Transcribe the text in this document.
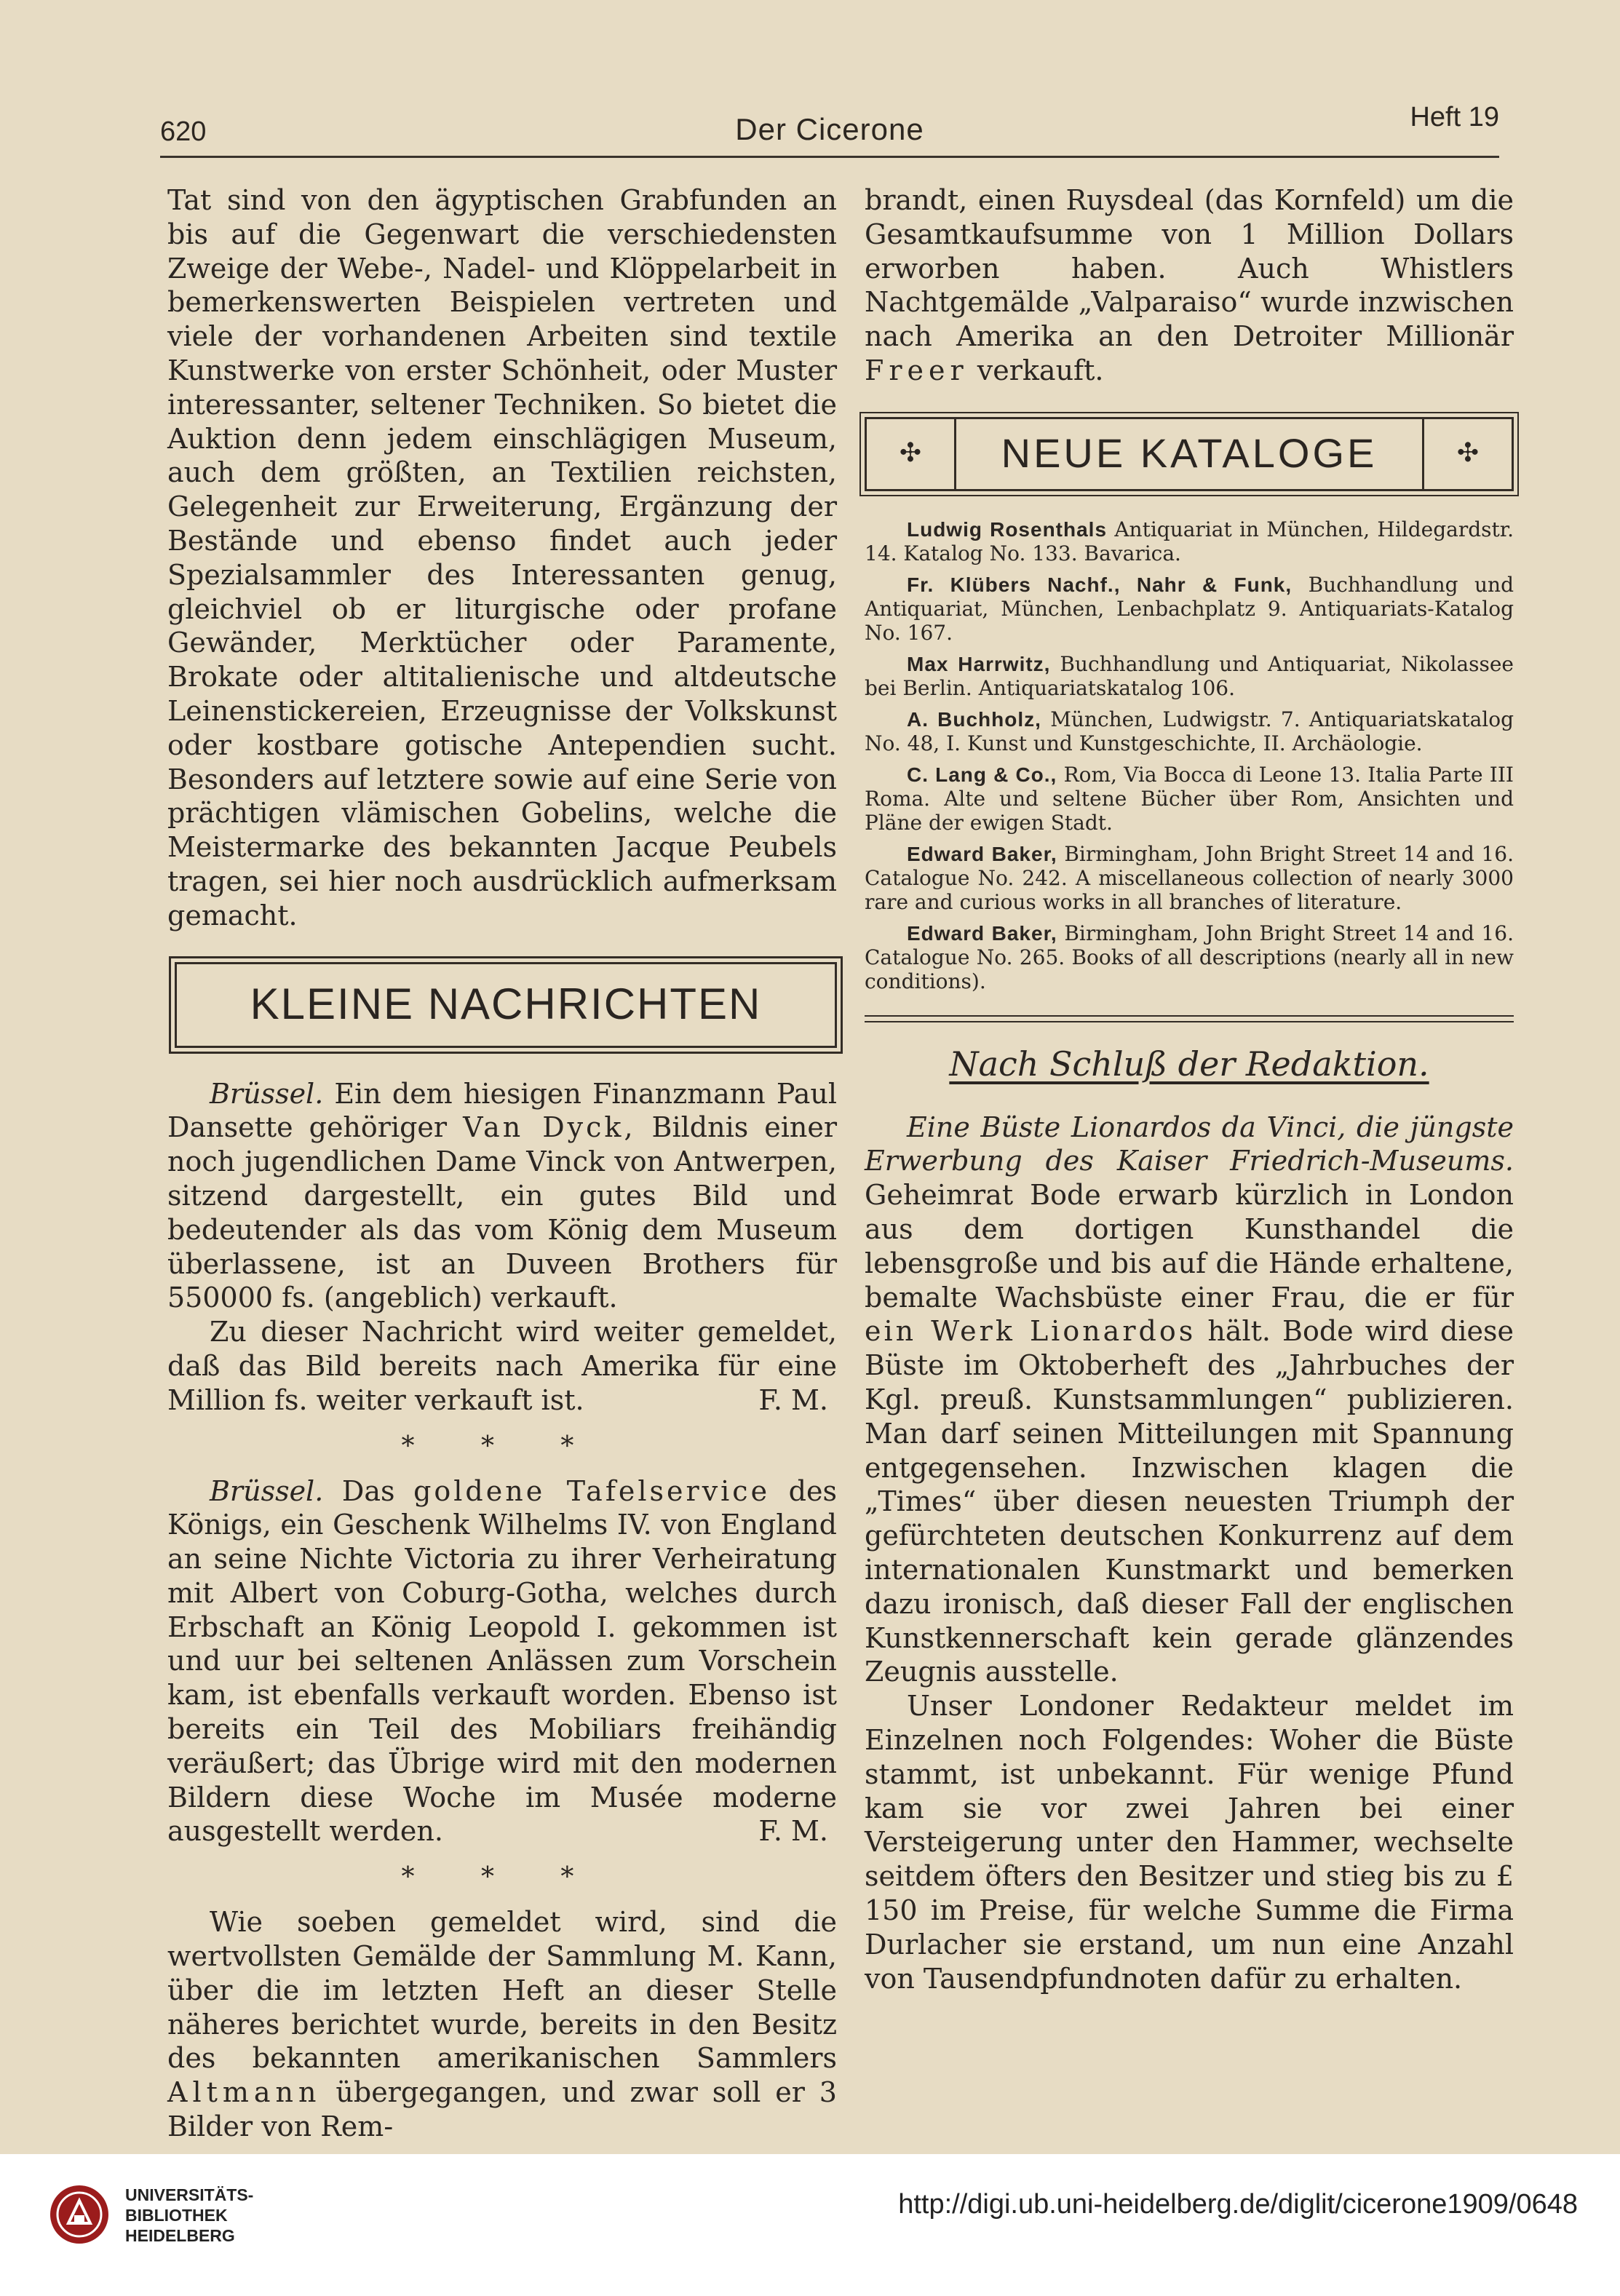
620	Der Cicerone	Heft 19

Tat sind von den ägyptischen Grabfunden an bis auf die Gegenwart die verschiedensten Zweige der Webe-, Nadel- und Klöppelarbeit in bemerkenswerten Beispielen vertreten und viele der vorhandenen Arbeiten sind textile Kunstwerke von erster Schönheit, oder Muster interessanter, seltener Techniken. So bietet die Auktion denn jedem einschlägigen Museum, auch dem größten, an Textilien reichsten, Gelegenheit zur Erweiterung, Ergänzung der Bestände und ebenso findet auch jeder Spezialsammler des Interessanten genug, gleichviel ob er liturgische oder profane Gewänder, Merktücher oder Paramente, Brokate oder altitalienische und altdeutsche Leinenstickereien, Erzeugnisse der Volkskunst oder kostbare gotische Antependien sucht. Besonders auf letztere sowie auf eine Serie von prächtigen vlämischen Gobelins, welche die Meistermarke des bekannten Jacque Peubels tragen, sei hier noch ausdrücklich aufmerksam gemacht.

KLEINE NACHRICHTEN

Brüssel. Ein dem hiesigen Finanzmann Paul Dansette gehöriger Van Dyck, Bildnis einer noch jugendlichen Dame Vinck von Antwerpen, sitzend dargestellt, ein gutes Bild und bedeutender als das vom König dem Museum überlassene, ist an Duveen Brothers für 550000 fs. (angeblich) verkauft.

Zu dieser Nachricht wird weiter gemeldet, daß das Bild bereits nach Amerika für eine Million fs. weiter verkauft ist.	F. M.

* * *

Brüssel. Das goldene Tafelservice des Königs, ein Geschenk Wilhelms IV. von England an seine Nichte Victoria zu ihrer Verheiratung mit Albert von Coburg-Gotha, welches durch Erbschaft an König Leopold I. gekommen ist und uur bei seltenen Anlässen zum Vorschein kam, ist ebenfalls verkauft worden. Ebenso ist bereits ein Teil des Mobiliars freihändig veräußert; das Übrige wird mit den modernen Bildern diese Woche im Musée moderne ausgestellt werden.	F. M.

* * *

Wie soeben gemeldet wird, sind die wertvollsten Gemälde der Sammlung M. Kann, über die im letzten Heft an dieser Stelle näheres berichtet wurde, bereits in den Besitz des bekannten amerikanischen Sammlers Altmann übergegangen, und zwar soll er 3 Bilder von Rem-

brandt, einen Ruysdeal (das Kornfeld) um die Gesamtkaufsumme von 1 Million Dollars erworben haben. Auch Whistlers Nachtgemälde „Valparaiso“ wurde inzwischen nach Amerika an den Detroiter Millionär Freer verkauft.

✣	NEUE KATALOGE	✣

Ludwig Rosenthals Antiquariat in München, Hildegardstr. 14. Katalog No. 133. Bavarica.

Fr. Klübers Nachf., Nahr & Funk, Buchhandlung und Antiquariat, München, Lenbachplatz 9. Antiquariats-Katalog No. 167.

Max Harrwitz, Buchhandlung und Antiquariat, Nikolassee bei Berlin. Antiquariatskatalog 106.

A. Buchholz, München, Ludwigstr. 7. Antiquariatskatalog No. 48, I. Kunst und Kunstgeschichte, II. Archäologie.

C. Lang & Co., Rom, Via Bocca di Leone 13. Italia Parte III Roma. Alte und seltene Bücher über Rom, Ansichten und Pläne der ewigen Stadt.

Edward Baker, Birmingham, John Bright Street 14 and 16. Catalogue No. 242. A miscellaneous collection of nearly 3000 rare and curious works in all branches of literature.

Edward Baker, Birmingham, John Bright Street 14 and 16. Catalogue No. 265. Books of all descriptions (nearly all in new conditions).

Nach Schluß der Redaktion.

Eine Büste Lionardos da Vinci, die jüngste Erwerbung des Kaiser Friedrich-Museums. Geheimrat Bode erwarb kürzlich in London aus dem dortigen Kunsthandel die lebensgroße und bis auf die Hände erhaltene, bemalte Wachsbüste einer Frau, die er für ein Werk Lionardos hält. Bode wird diese Büste im Oktoberheft des „Jahrbuches der Kgl. preuß. Kunstsammlungen“ publizieren. Man darf seinen Mitteilungen mit Spannung entgegensehen. Inzwischen klagen die „Times“ über diesen neuesten Triumph der gefürchteten deutschen Konkurrenz auf dem internationalen Kunstmarkt und bemerken dazu ironisch, daß dieser Fall der englischen Kunstkennerschaft kein gerade glänzendes Zeugnis ausstelle.

Unser Londoner Redakteur meldet im Einzelnen noch Folgendes: Woher die Büste stammt, ist unbekannt. Für wenige Pfund kam sie vor zwei Jahren bei einer Versteigerung unter den Hammer, wechselte seitdem öfters den Besitzer und stieg bis zu £ 150 im Preise, für welche Summe die Firma Durlacher sie erstand, um nun eine Anzahl von Tausendpfundnoten dafür zu erhalten.

UNIVERSITÄTS-
BIBLIOTHEK
HEIDELBERG
http://digi.ub.uni-heidelberg.de/diglit/cicerone1909/0648
